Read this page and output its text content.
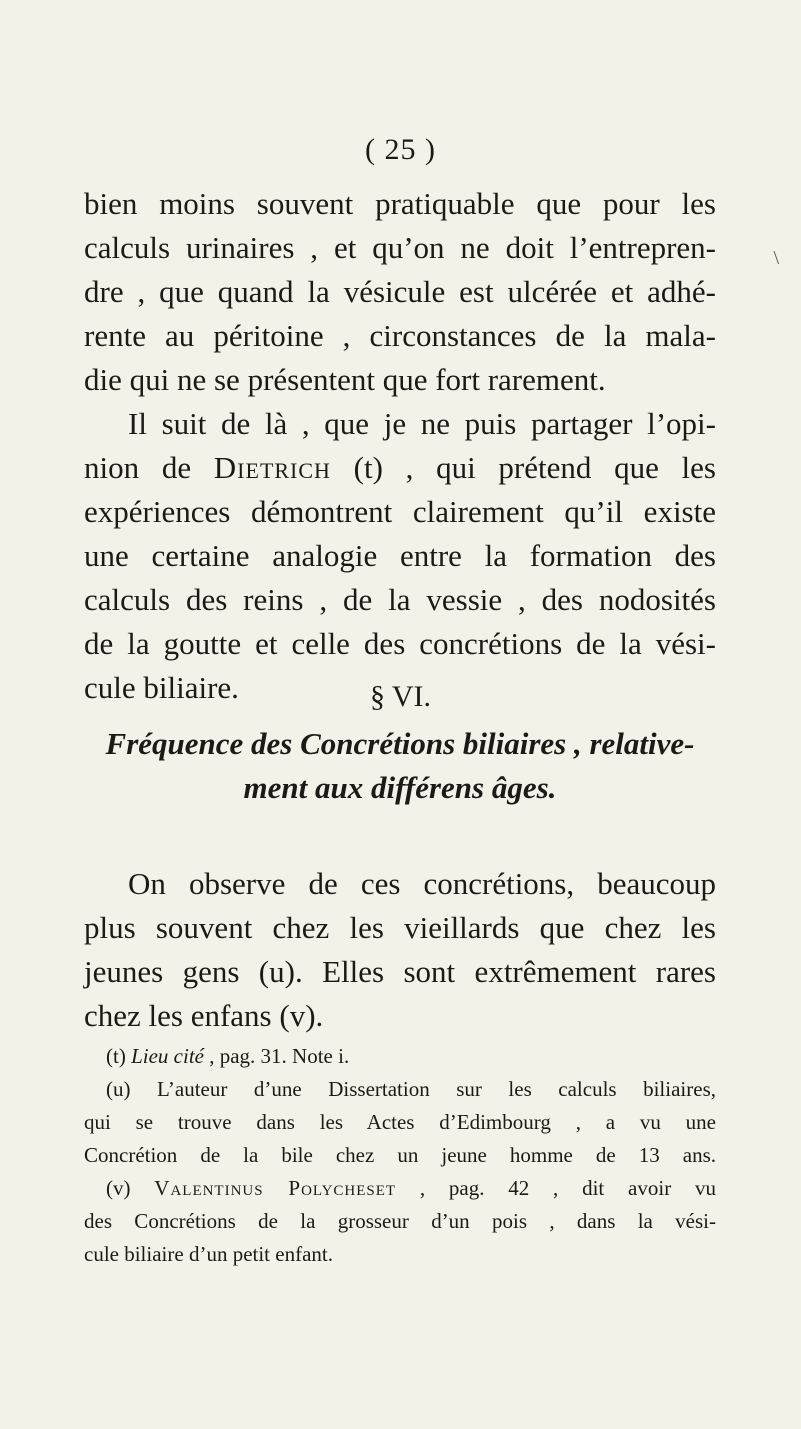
( 25 )
\

bien moins souvent pratiquable que pour les
calculs urinaires , et qu’on ne doit l’entrepren-
dre , que quand la vésicule est ulcérée et adhé-
rente au péritoine , circonstances de la mala-
die qui ne se présentent que fort rarement.

Il suit de là , que je ne puis partager l’opi-
nion de Dietrich (t) , qui prétend que les
expériences démontrent clairement qu’il existe
une certaine analogie entre la formation des
calculs des reins , de la vessie , des nodosités
de la goutte et celle des concrétions de la vési-
cule biliaire.	§ VI.
Fréquence des Concrétions biliaires , relative-
ment aux différens âges.

On observe de ces concrétions, beaucoup
plus souvent chez les vieillards que chez les
jeunes gens (u). Elles sont extrêmement rares
chez les enfans (v).

(t) Lieu cité , pag. 31. Note i.
(u) L’auteur d’une Dissertation sur les calculs biliaires,
qui se trouve dans les Actes d’Edimbourg , a vu une
Concrétion de la bile chez un jeune homme de 13 ans.
(v) Valentinus Polycheset , pag. 42 , dit avoir vu
des Concrétions de la grosseur d’un pois , dans la vési-
cule biliaire d’un petit enfant.
